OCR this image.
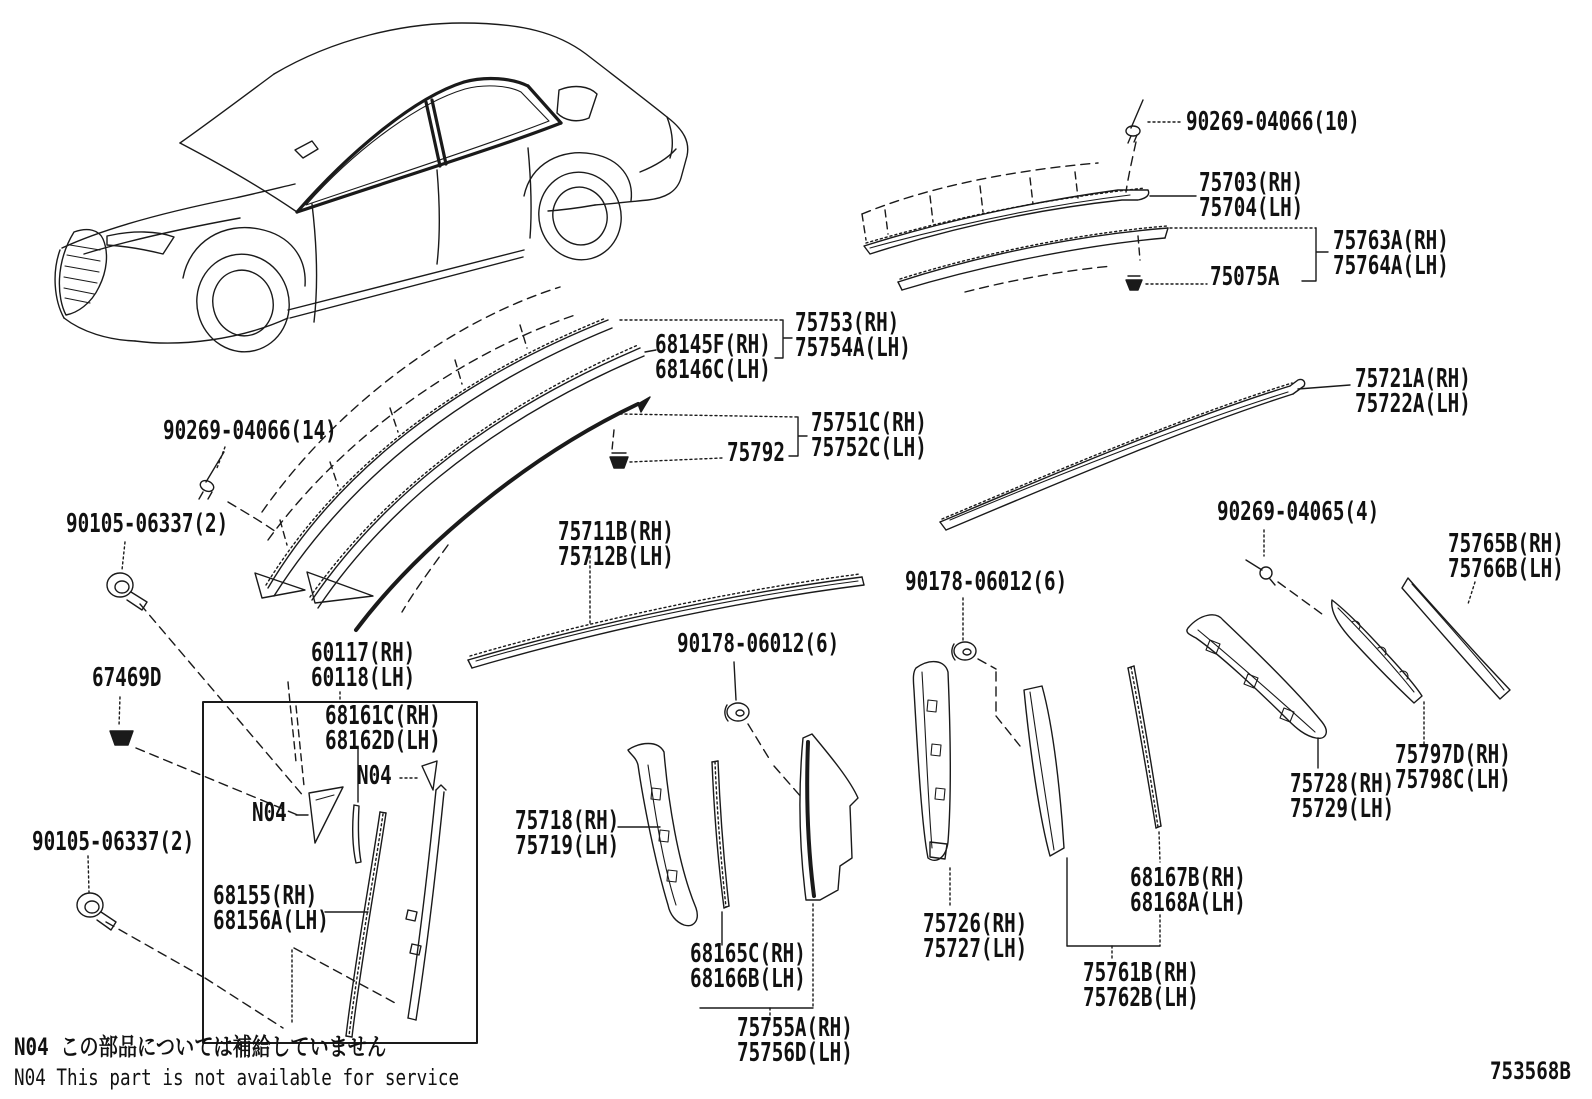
90269-04066(10)
75703(RH)
75704(LH)
75763A(RH)
75764A(LH)
75075A
68145F(RH)
68146C(LH)
75753(RH)
75754A(LH)
75751C(RH)
75752C(LH)
75792
75721A(RH)
75722A(LH)
90269-04066(14)
90105-06337(2)	75711B(RH)
75712B(LH)
90269-04065(4)
75765B(RH)
75766B(LH)
90178-06012(6)
90178-06012(6)
60117(RH)
60118(LH)
67469D
68161C(RH)
68162D(LH)
N04
N04
90105-06337(2)
68155(RH)
68156A(LH)
75718(RH)
75719(LH)
68165C(RH)
68166B(LH)
75755A(RH)
75756D(LH)
75726(RH)
75727(LH)
68167B(RH)
68168A(LH)
75761B(RH)
75762B(LH)
75728(RH)
75729(LH)
75797D(RH)
75798C(LH)
N04 この部品については補給していません
N04 This part is not available for service	753568B
